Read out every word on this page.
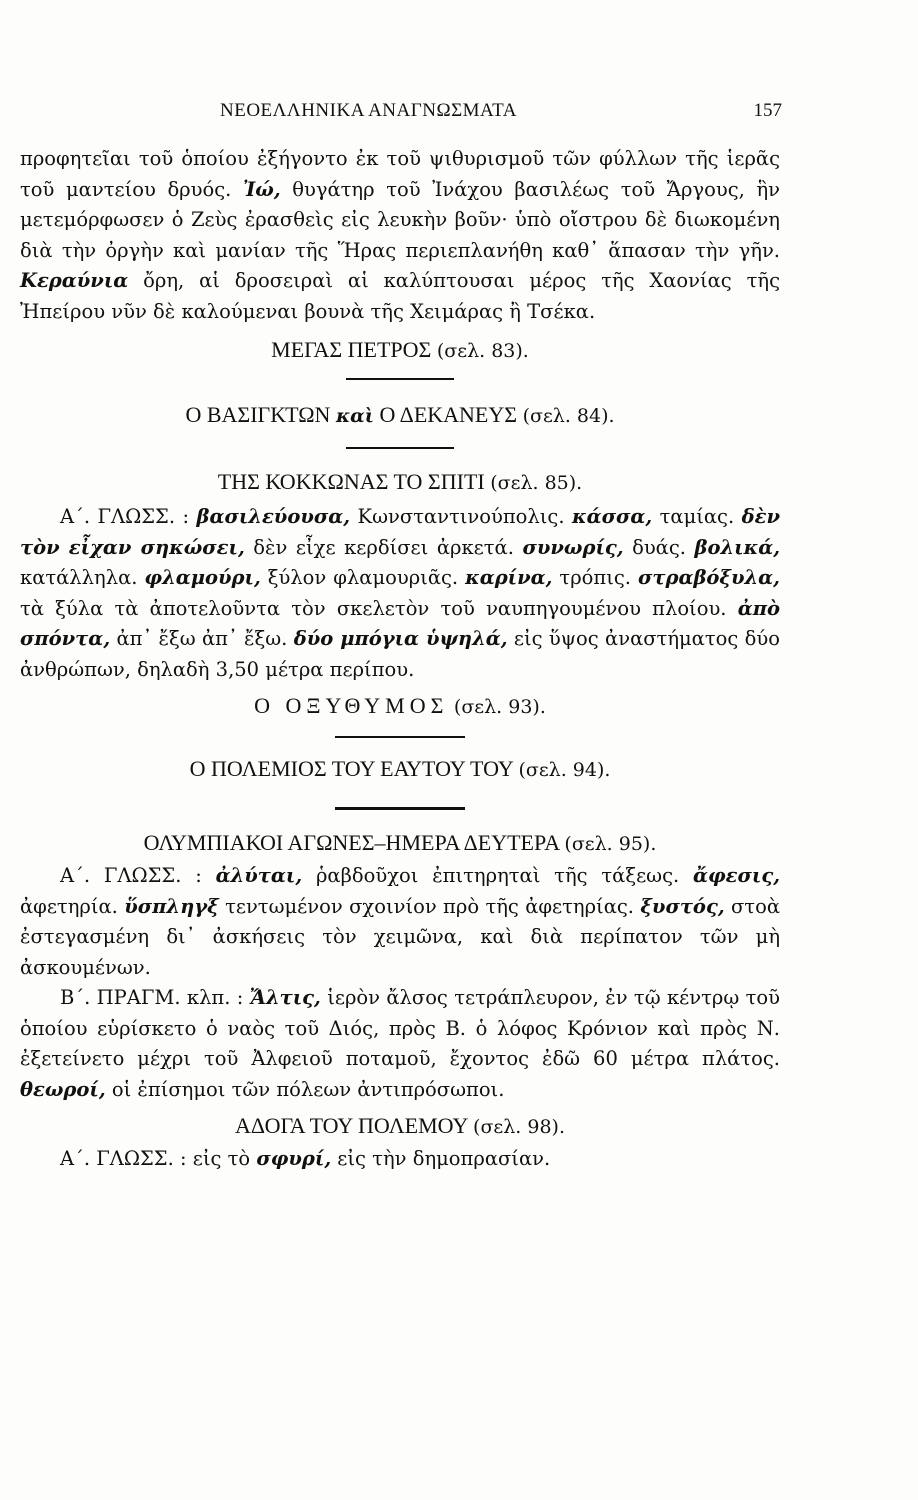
ΝΕΟΕΛΛΗΝΙΚΑ ΑΝΑΓΝΩΣΜΑΤΑ	157

προφητεῖαι τοῦ ὁποίου ἐξήγοντο ἐκ τοῦ ψιθυρισμοῦ τῶν φύλλων τῆς ἱερᾶς τοῦ μαντείου δρυός. Ἰώ, θυγάτηρ τοῦ Ἰνάχου βασιλέως τοῦ Ἄργους, ἣν μετεμόρφωσεν ὁ Ζεὺς ἐρασθεὶς εἰς λευκὴν βοῦν· ὑπὸ οἴστρου δὲ διωκομένη διὰ τὴν ὀργὴν καὶ μανίαν τῆς Ἥρας περιεπλανήθη καθ᾿ ἅπασαν τὴν γῆν. Κεραύνια ὄρη, αἱ δροσειραὶ αἱ καλύπτουσαι μέρος τῆς Χαονίας τῆς Ἠπείρου νῦν δὲ καλούμεναι βουνὰ τῆς Χειμάρας ἢ Τσέκα.

ΜΕΓΑΣ ΠΕΤΡΟΣ (σελ. 83).

Ο ΒΑΣΙΓΚΤΩΝ καὶ Ο ΔΕΚΑΝΕΥΣ (σελ. 84).

ΤΗΣ ΚΟΚΚΩΝΑΣ ΤΟ ΣΠΙΤΙ (σελ. 85).

Α΄. ΓΛΩΣΣ. : βασιλεύουσα, Κωνσταντινούπολις. κάσσα, ταμίας. δὲν τὸν εἶχαν σηκώσει, δὲν εἶχε κερδίσει ἀρκετά. συνωρίς, δυάς. βολικά, κατάλληλα. φλαμούρι, ξύλον φλαμουριᾶς. καρίνα, τρόπις. στραβόξυλα, τὰ ξύλα τὰ ἀποτελοῦντα τὸν σκελετὸν τοῦ ναυπηγουμένου πλοίου. ἀπὸ σπόντα, ἀπ᾿ ἔξω ἀπ᾿ ἔξω. δύο μπόγια ὑψηλά, εἰς ὕψος ἀναστήματος δύο ἀνθρώπων, δηλαδὴ 3,50 μέτρα περίπου.

Ο ΟΞΥΘΥΜΟΣ (σελ. 93).

Ο ΠΟΛΕΜΙΟΣ ΤΟΥ ΕΑΥΤΟΥ ΤΟΥ (σελ. 94).

ΟΛΥΜΠΙΑΚΟΙ ΑΓΩΝΕΣ–ΗΜΕΡΑ ΔΕΥΤΕΡΑ (σελ. 95).

Α΄. ΓΛΩΣΣ. : ἀλύται, ῥαβδοῦχοι ἐπιτηρηταὶ τῆς τάξεως. ἄφεσις, ἀφετηρία. ὕσπληγξ τεντωμένον σχοινίον πρὸ τῆς ἀφετηρίας. ξυστός, στοὰ ἐστεγασμένη δι᾿ ἀσκήσεις τὸν χειμῶνα, καὶ διὰ περίπατον τῶν μὴ ἀσκουμένων.

Β΄. ΠΡΑΓΜ. κλπ. : Ἄλτις, ἱερὸν ἄλσος τετράπλευρον, ἐν τῷ κέντρῳ τοῦ ὁποίου εὑρίσκετο ὁ ναὸς τοῦ Διός, πρὸς Β. ὁ λόφος Κρόνιον καὶ πρὸς Ν. ἐξετείνετο μέχρι τοῦ Ἀλφειοῦ ποταμοῦ, ἔχοντος ἐδῶ 60 μέτρα πλάτος. θεωροί, οἱ ἐπίσημοι τῶν πόλεων ἀντιπρόσωποι.

ΑΔΟΓΑ ΤΟΥ ΠΟΛΕΜΟΥ (σελ. 98).

Α΄. ΓΛΩΣΣ. : εἰς τὸ σφυρί, εἰς τὴν δημοπρασίαν.
